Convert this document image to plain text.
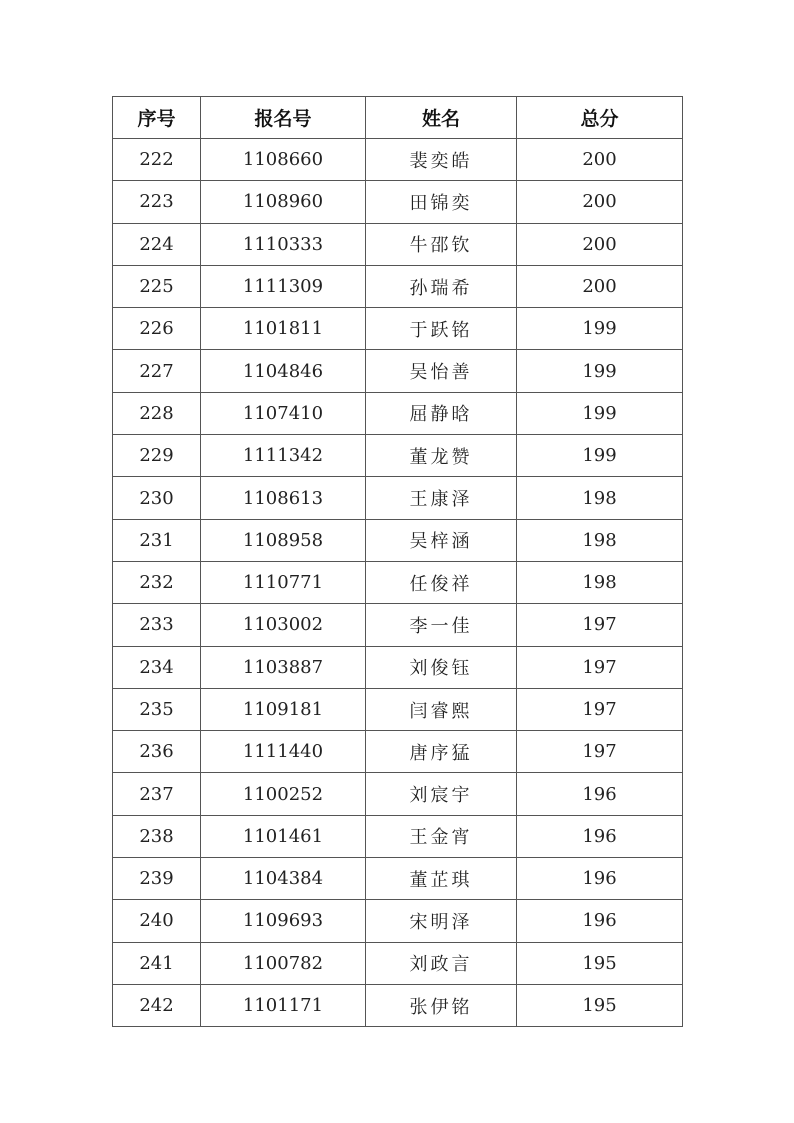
序号	报名号	姓名	总分
222	1108660	裴奕皓	200
223	1108960	田锦奕	200
224	1110333	牛邵钦	200
225	1111309	孙瑞希	200
226	1101811	于跃铭	199
227	1104846	吴怡善	199
228	1107410	屈静晗	199
229	1111342	董龙赞	199
230	1108613	王康泽	198
231	1108958	吴梓涵	198
232	1110771	任俊祥	198
233	1103002	李一佳	197
234	1103887	刘俊钰	197
235	1109181	闫睿熙	197
236	1111440	唐序猛	197
237	1100252	刘宸宇	196
238	1101461	王金宵	196
239	1104384	董芷琪	196
240	1109693	宋明泽	196
241	1100782	刘政言	195
242	1101171	张伊铭	195
